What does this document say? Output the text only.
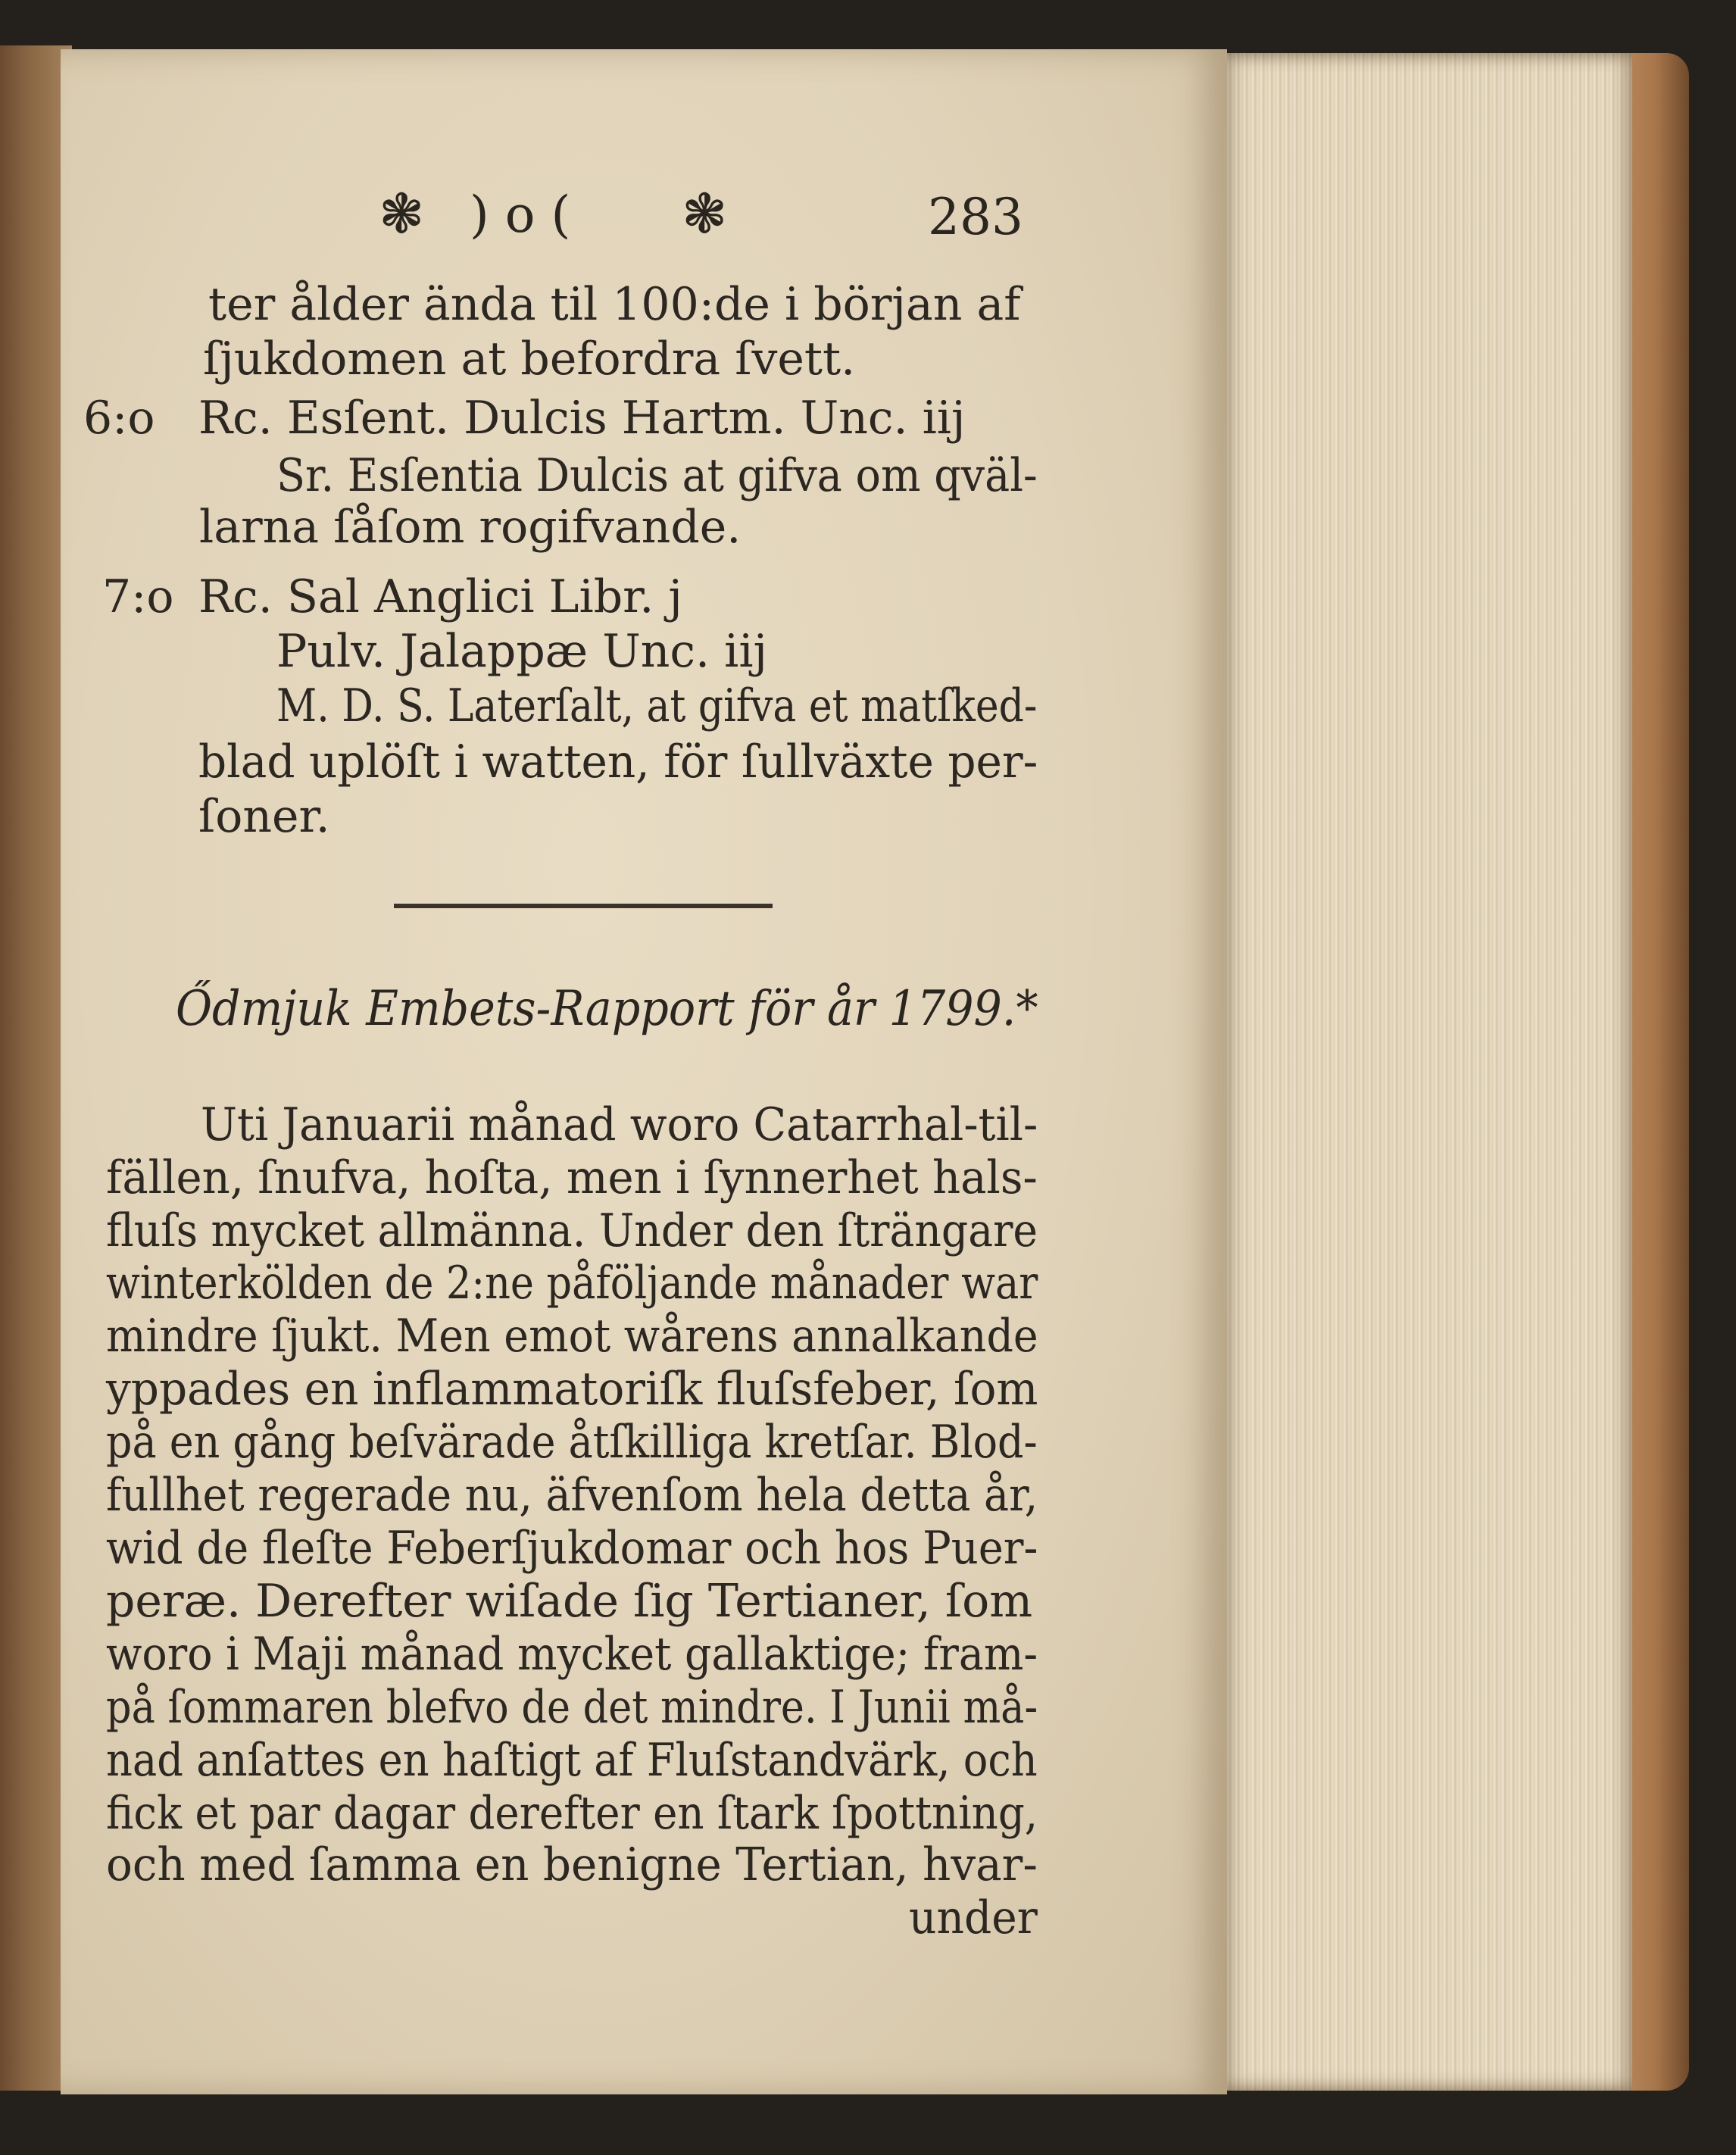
❃ ) o ( ❃	283
ter ålder ända til 100:de i början af
ſjukdomen at befordra ſvett.
6:o Rc. Esſent. Dulcis Hartm. Unc. iij
Sr. Esſentia Dulcis at gifva om qväl-
larna ſåſom rogifvande.
7:o Rc. Sal Anglici Libr. j
Pulv. Jalappæ Unc. iij
M. D. S. Laterſalt, at gifva et matſked-
blad uplöſt i watten, för ſullväxte per-
ſoner.
Ődmjuk Embets-Rapport för år 1799.*
Uti Januarii månad woro Catarrhal-til-
fällen, ſnufva, hoſta, men i ſynnerhet hals-
fluſs mycket allmänna. Under den ſträngare
winterkölden de 2:ne påföljande månader war
mindre ſjukt. Men emot wårens annalkande
yppades en inflammatoriſk fluſsfeber, ſom
på en gång beſvärade åtſkilliga kretſar. Blod-
fullhet regerade nu, äfvenſom hela detta år,
wid de fleſte Feberſjukdomar och hos Puer-
peræ. Derefter wiſade ſig Tertianer, ſom
woro i Maji månad mycket gallaktige; fram-
på ſommaren blefvo de det mindre. I Junii må-
nad anſattes en haſtigt af Fluſstandvärk, och
fick et par dagar derefter en ſtark ſpottning,
och med ſamma en benigne Tertian, hvar-
under
